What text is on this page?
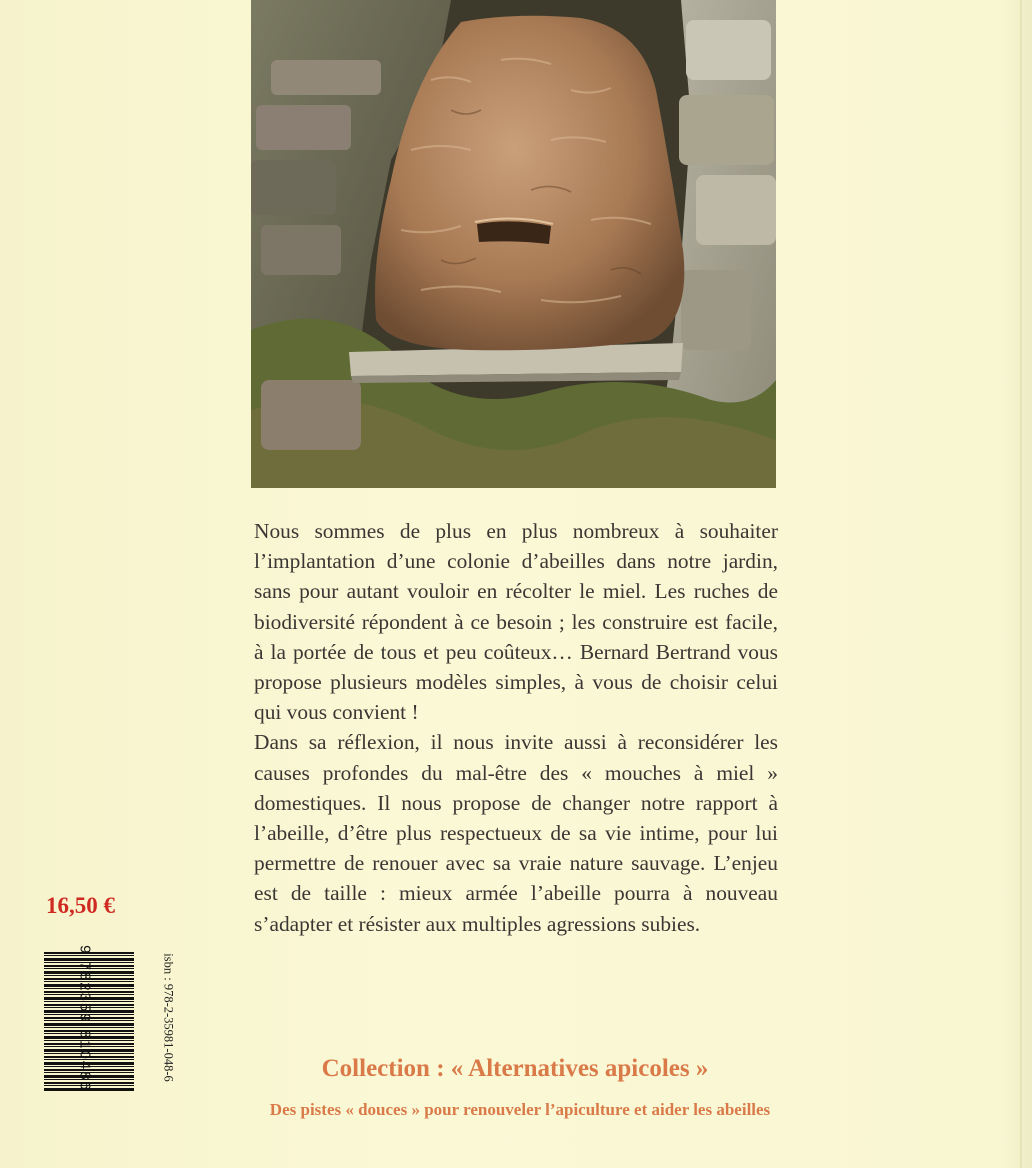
Nous sommes de plus en plus nombreux à souhaiter l’implantation d’une colonie d’abeilles dans notre jardin, sans pour autant vouloir en récolter le miel. Les ruches de biodiversité répondent à ce besoin ; les construire est facile, à la portée de tous et peu coûteux… Bernard Bertrand vous propose plusieurs modèles simples, à vous de choisir celui qui vous convient !

Dans sa réflexion, il nous invite aussi à reconsidérer les causes profondes du mal-être des « mouches à miel » domestiques. Il nous propose de changer notre rapport à l’abeille, d’être plus respectueux de sa vie intime, pour lui permettre de renouer avec sa vraie nature sauvage. L’enjeu est de taille : mieux armée l’abeille pourra à nouveau s’adapter et résister aux multiples agressions subies.

16,50 €
9 782359 810486	isbn : 978-2-35981-048-6	Collection : « Alternatives apicoles »
Des pistes « douces » pour renouveler l’apiculture et aider les abeilles
